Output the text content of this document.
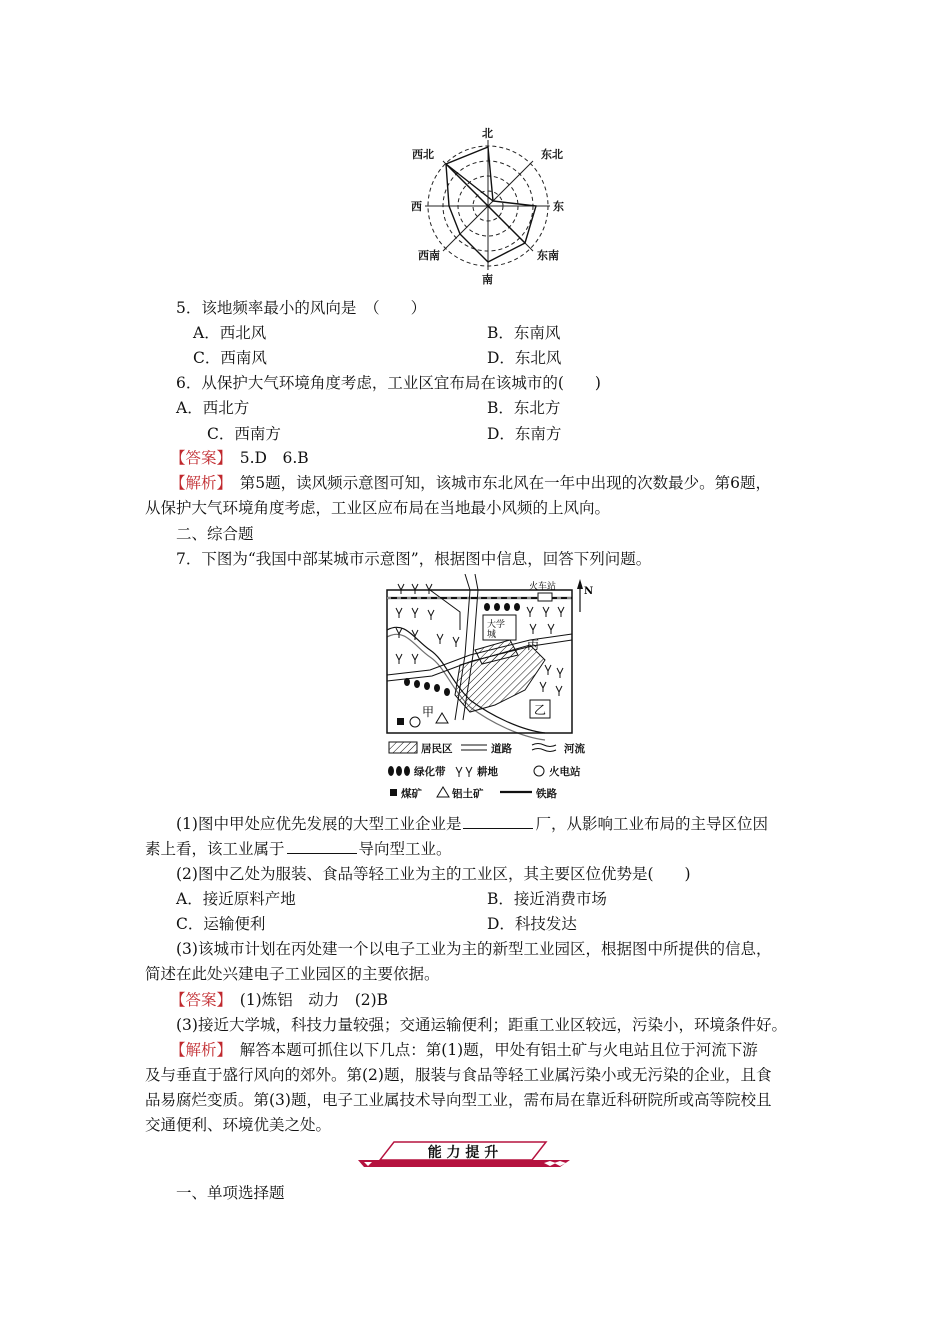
北
东北
东
东南
南
西南
西
西北
5．该地频率最小的风向是　（　　）
A．西北风	B．东南风
C．西南风	D．东北风
6．从保护大气环境角度考虑，工业区宜布局在该城市的(　　)
A．西北方	B．东北方
C．西南方	D．东南方
【答案】　5.D　6.B
【解析】　第5题，读风频示意图可知，该城市东北风在一年中出现的次数最少。第6题，
从保护大气环境角度考虑，工业区应布局在当地最小风频的上风向。
二、综合题
7．下图为“我国中部某城市示意图”，根据图中信息，回答下列问题。
N
火车站
大学
城
丙
甲	乙
居民区	道路	河流
绿化带	耕地	火电站
煤矿	铝土矿	铁路
(1)图中甲处应优先发展的大型工业企业是	厂，从影响工业布局的主导区位因
素上看，该工业属于	导向型工业。
(2)图中乙处为服装、食品等轻工业为主的工业区，其主要区位优势是(　　)
A．接近原料产地	B．接近消费市场
C．运输便利	D．科技发达
(3)该城市计划在丙处建一个以电子工业为主的新型工业园区，根据图中所提供的信息，
简述在此处兴建电子工业园区的主要依据。
【答案】　(1)炼铝　动力　(2)B
(3)接近大学城，科技力量较强；交通运输便利；距重工业区较远，污染小，环境条件好。
【解析】　解答本题可抓住以下几点：第(1)题，甲处有铝土矿与火电站且位于河流下游
及与垂直于盛行风向的郊外。第(2)题，服装与食品等轻工业属污染小或无污染的企业，且食
品易腐烂变质。第(3)题，电子工业属技术导向型工业，需布局在靠近科研院所或高等院校且
交通便利、环境优美之处。
能 力 提 升
一、单项选择题
